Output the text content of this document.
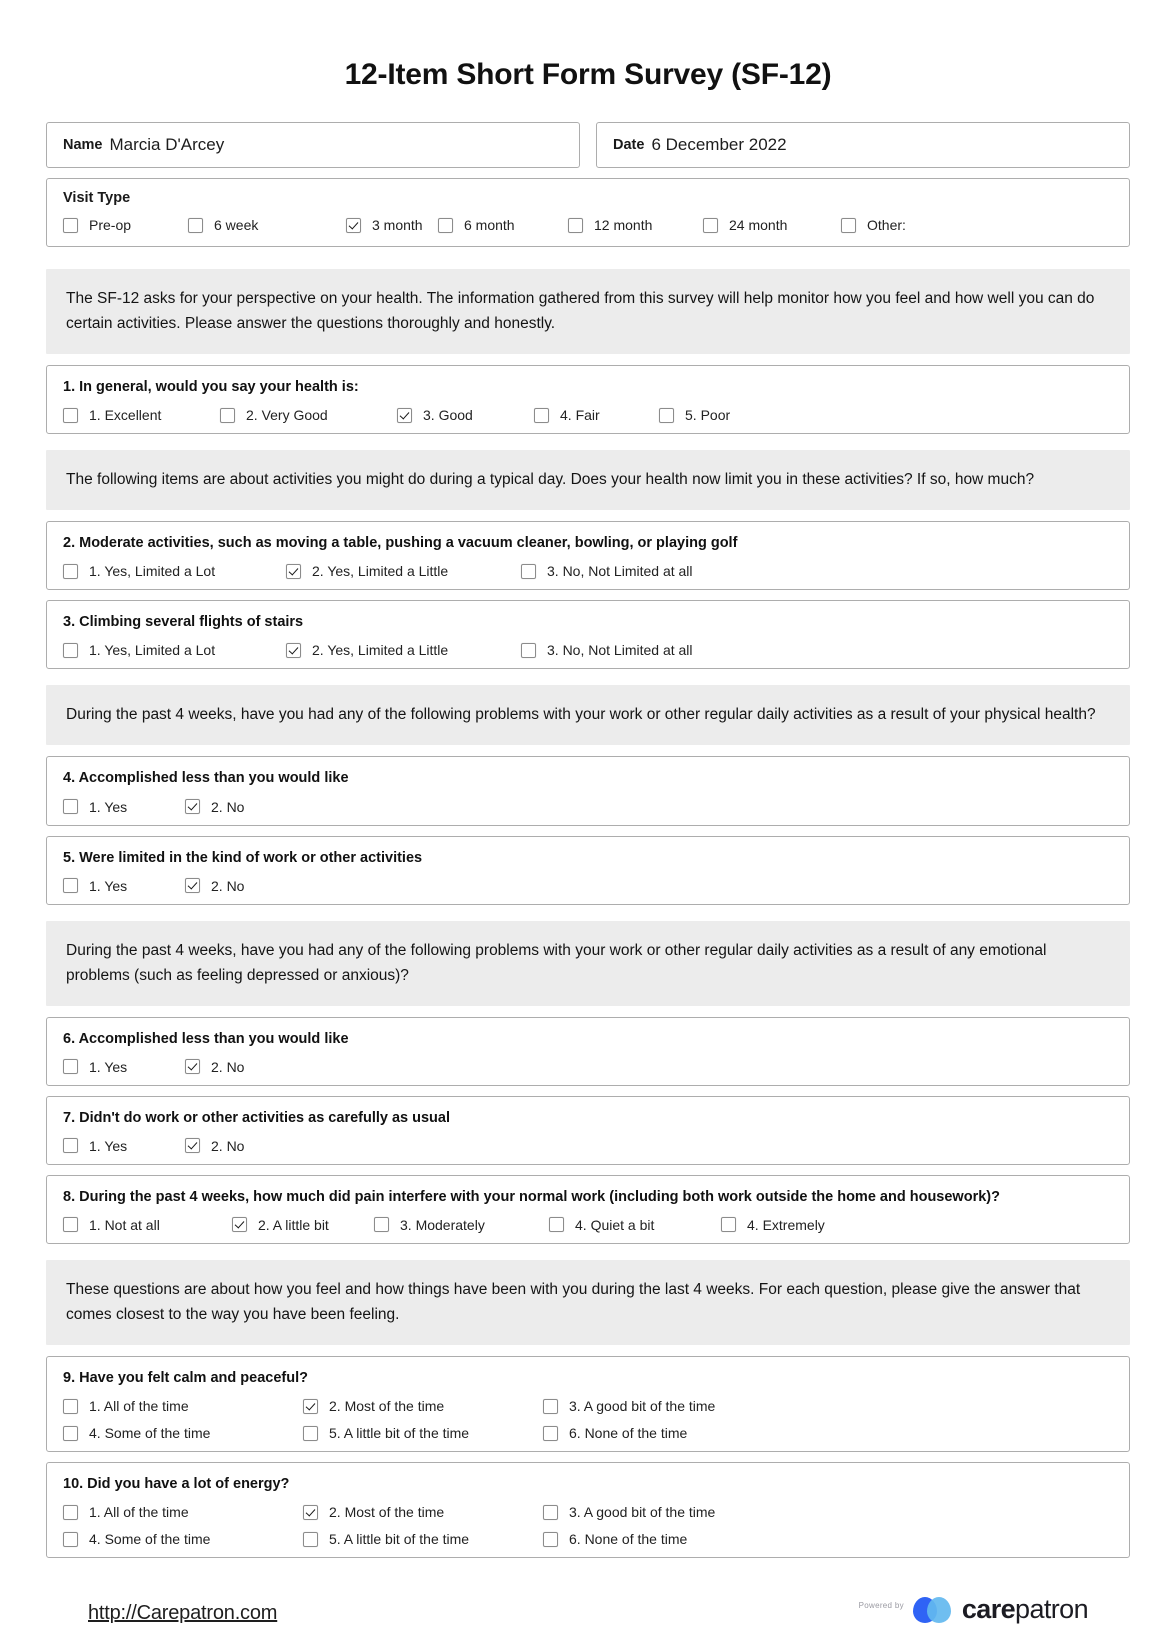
12-Item Short Form Survey (SF-12)
Name Marcia D'Arcey	Date 6 December 2022
Visit Type
Pre-op	6 week	3 month	6 month	12 month	24 month	Other:
The SF-12 asks for your perspective on your health. The information gathered from this survey will help monitor how you feel and how well you can do certain activities. Please answer the questions thoroughly and honestly.
1. In general, would you say your health is:
1. Excellent	2. Very Good	3. Good	4. Fair	5. Poor
The following items are about activities you might do during a typical day. Does your health now limit you in these activities? If so, how much?
2. Moderate activities, such as moving a table, pushing a vacuum cleaner, bowling, or playing golf
1. Yes, Limited a Lot	2. Yes, Limited a Little	3. No, Not Limited at all
3. Climbing several flights of stairs
1. Yes, Limited a Lot	2. Yes, Limited a Little	3. No, Not Limited at all
During the past 4 weeks, have you had any of the following problems with your work or other regular daily activities as a result of your physical health?
4. Accomplished less than you would like
1. Yes	2. No
5. Were limited in the kind of work or other activities
1. Yes	2. No
During the past 4 weeks, have you had any of the following problems with your work or other regular daily activities as a result of any emotional problems (such as feeling depressed or anxious)?
6. Accomplished less than you would like
1. Yes	2. No
7. Didn't do work or other activities as carefully as usual
1. Yes	2. No
8. During the past 4 weeks, how much did pain interfere with your normal work (including both work outside the home and housework)?
1. Not at all	2. A little bit	3. Moderately	4. Quiet a bit	4. Extremely
These questions are about how you feel and how things have been with you during the last 4 weeks. For each question, please give the answer that comes closest to the way you have been feeling.
9. Have you felt calm and peaceful?
1. All of the time	2. Most of the time	3. A good bit of the time
4. Some of the time	5. A little bit of the time	6. None of the time
10. Did you have a lot of energy?
1. All of the time	2. Most of the time	3. A good bit of the time
4. Some of the time	5. A little bit of the time	6. None of the time
http://Carepatron.com	Powered by carepatron
